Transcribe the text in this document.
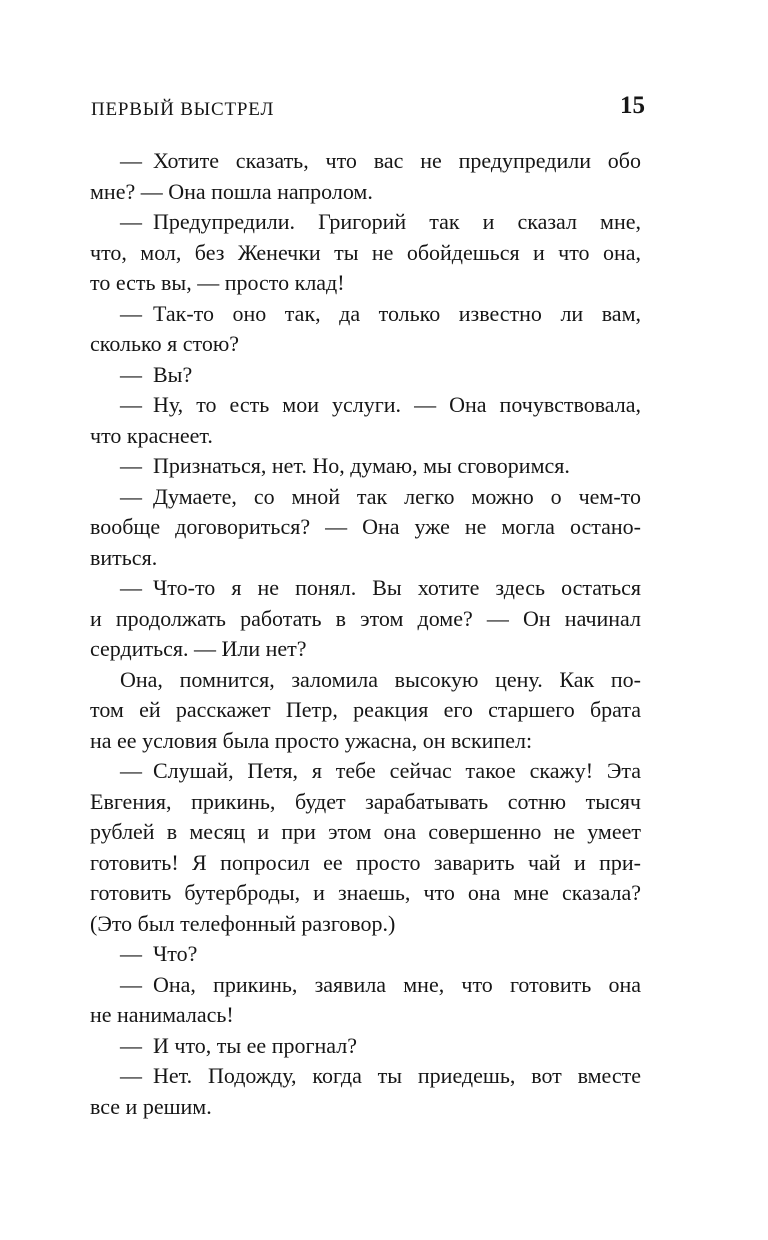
ПЕРВЫЙ ВЫСТРЕЛ	15
— Хотите сказать, что вас не предупредили обо
мне? — Она пошла напролом.
— Предупредили. Григорий так и сказал мне,
что, мол, без Женечки ты не обойдешься и что она,
то есть вы, — просто клад!
— Так-то оно так, да только известно ли вам,
сколько я стою?
— Вы?
— Ну, то есть мои услуги. — Она почувствовала,
что краснеет.
— Признаться, нет. Но, думаю, мы сговоримся.
— Думаете, со мной так легко можно о чем-то
вообще договориться? — Она уже не могла остано-
виться.
— Что-то я не понял. Вы хотите здесь остаться
и продолжать работать в этом доме? — Он начинал
сердиться. — Или нет?
Она, помнится, заломила высокую цену. Как по-
том ей расскажет Петр, реакция его старшего брата
на ее условия была просто ужасна, он вскипел:
— Слушай, Петя, я тебе сейчас такое скажу! Эта
Евгения, прикинь, будет зарабатывать сотню тысяч
рублей в месяц и при этом она совершенно не умеет
готовить! Я попросил ее просто заварить чай и при-
готовить бутерброды, и знаешь, что она мне сказала?
(Это был телефонный разговор.)
— Что?
— Она, прикинь, заявила мне, что готовить она
не нанималась!
— И что, ты ее прогнал?
— Нет. Подожду, когда ты приедешь, вот вместе
все и решим.
